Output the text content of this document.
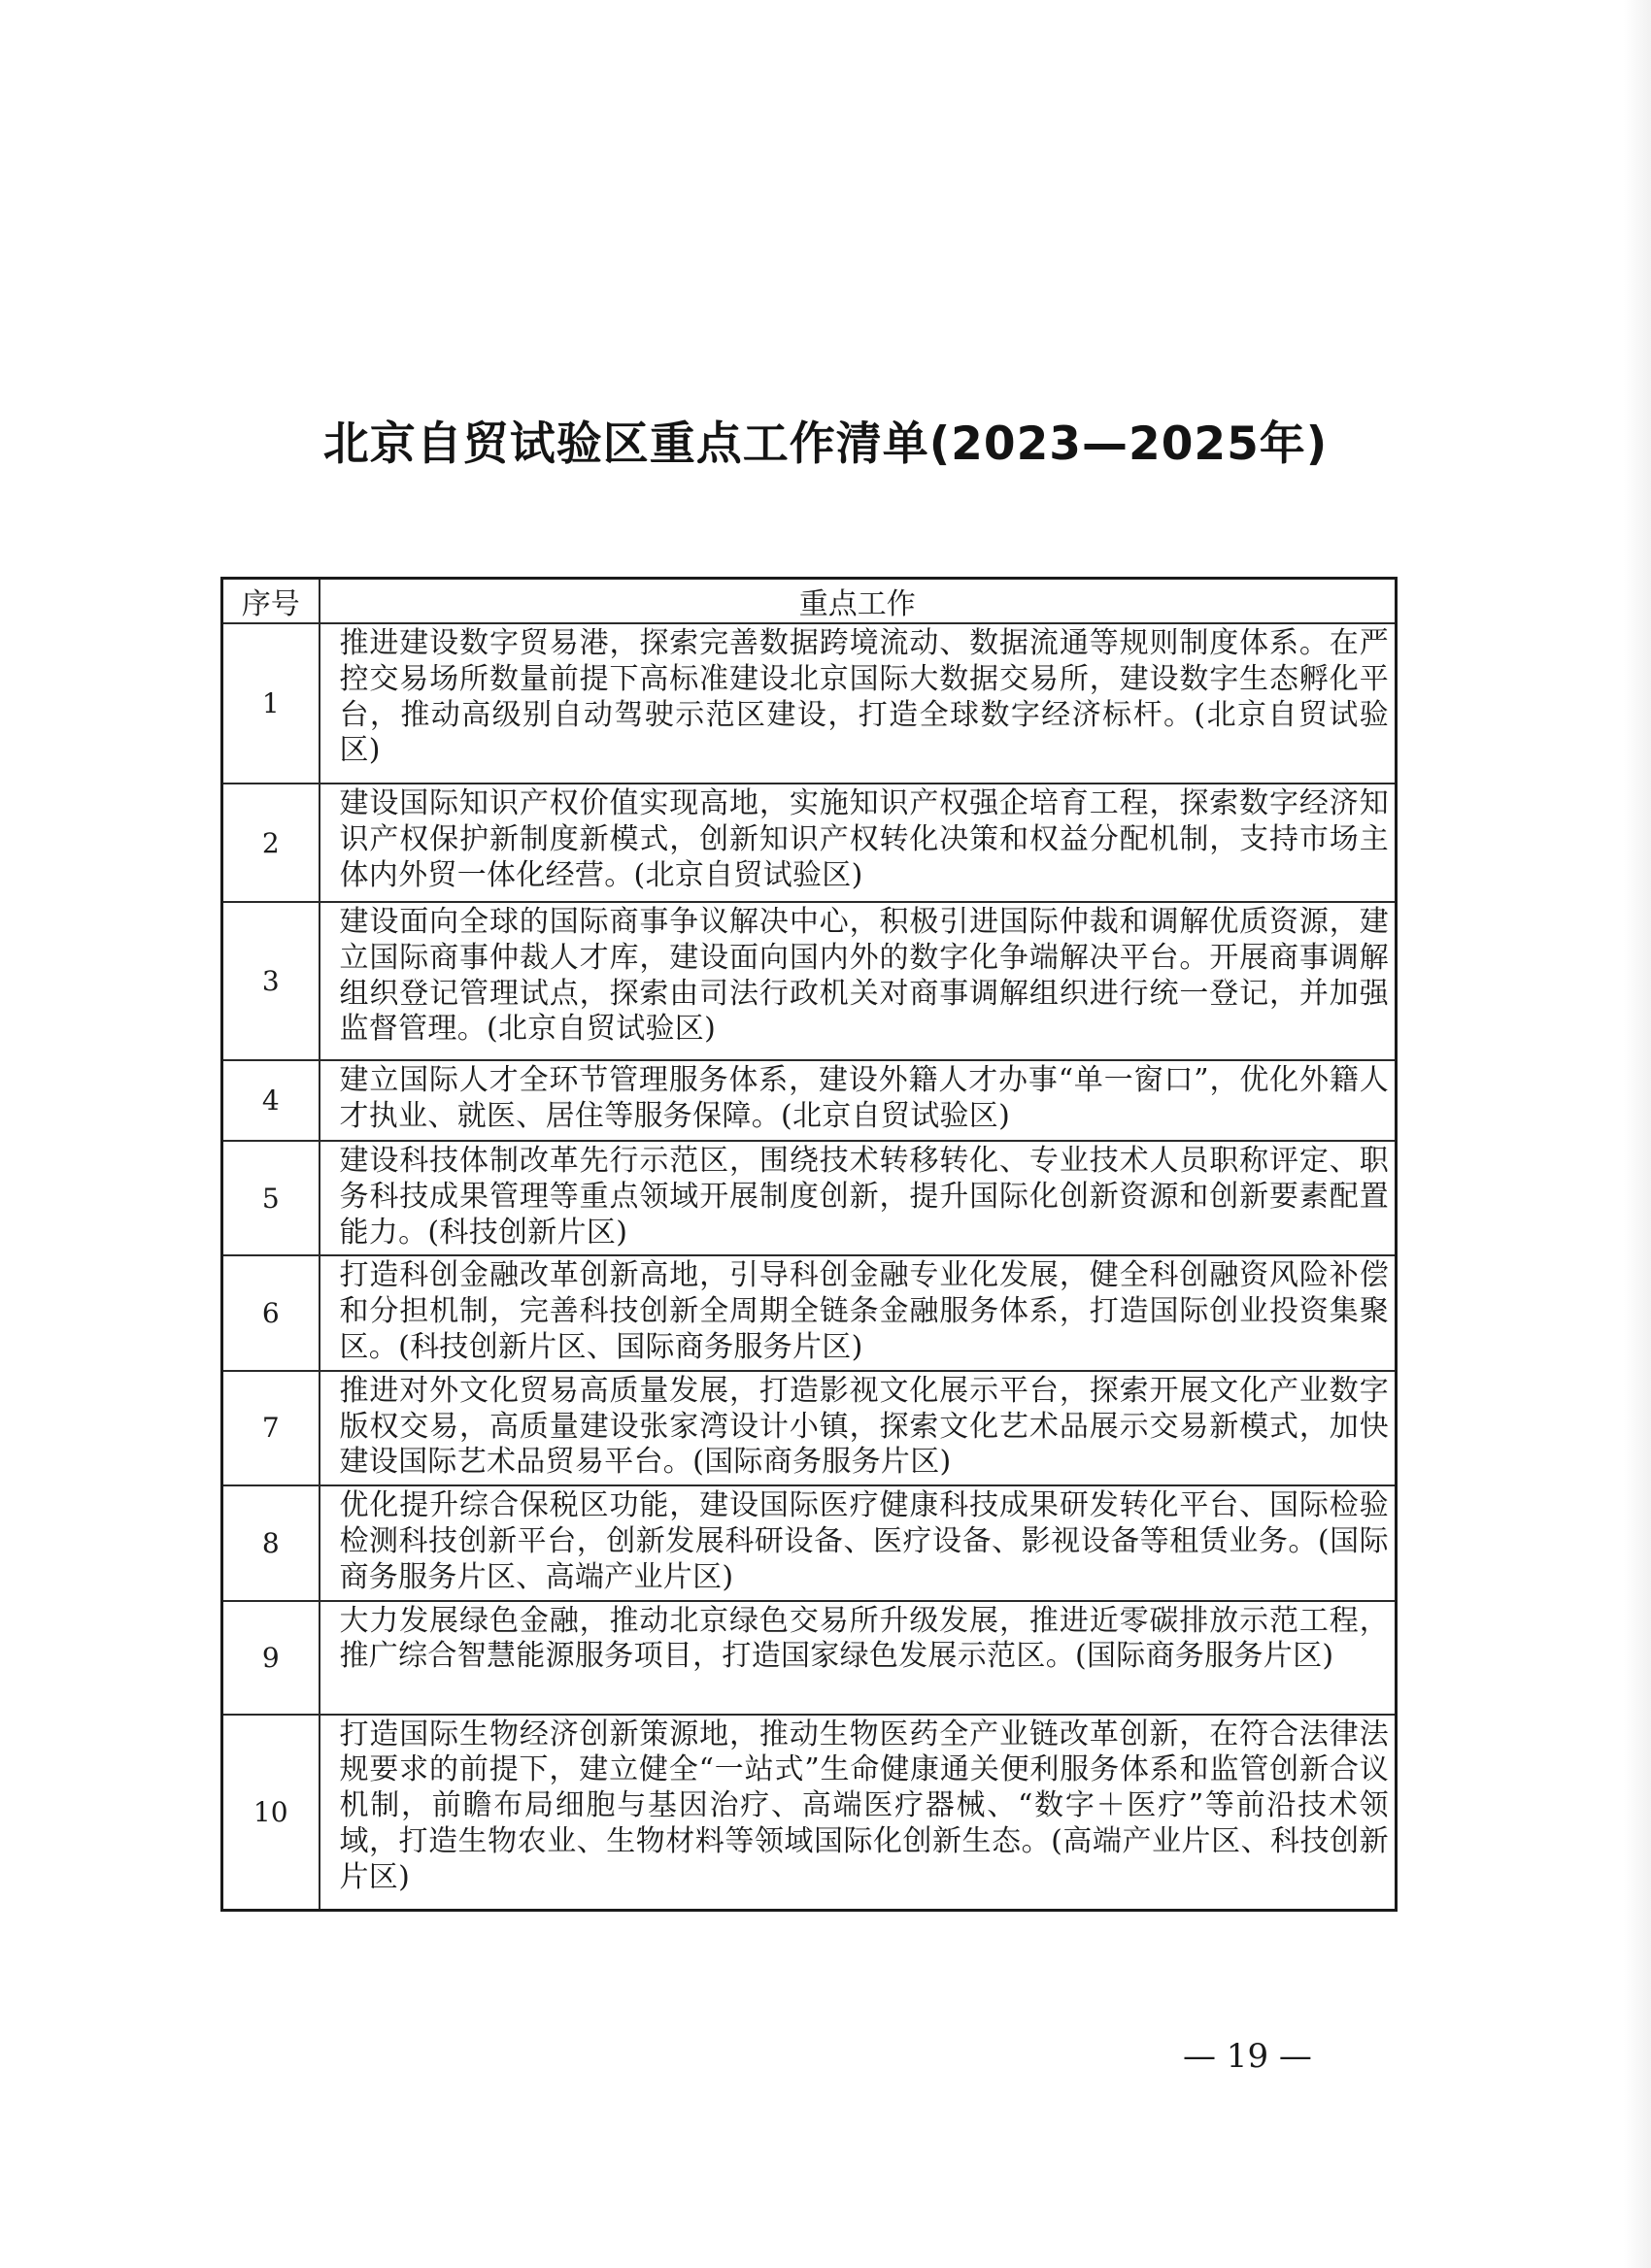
北京自贸试验区重点工作清单(2023—2025年)
序号	重点工作
1	推进建设数字贸易港，探索完善数据跨境流动、数据流通等规则制度体系。在严控交易场所数量前提下高标准建设北京国际大数据交易所，建设数字生态孵化平台，推动高级别自动驾驶示范区建设，打造全球数字经济标杆。(北京自贸试验区)

2	建设国际知识产权价值实现高地，实施知识产权强企培育工程，探索数字经济知识产权保护新制度新模式，创新知识产权转化决策和权益分配机制，支持市场主体内外贸一体化经营。(北京自贸试验区)

3	建设面向全球的国际商事争议解决中心，积极引进国际仲裁和调解优质资源，建立国际商事仲裁人才库，建设面向国内外的数字化争端解决平台。开展商事调解组织登记管理试点，探索由司法行政机关对商事调解组织进行统一登记，并加强监督管理。(北京自贸试验区)

4	建立国际人才全环节管理服务体系，建设外籍人才办事“单一窗口”，优化外籍人才执业、就医、居住等服务保障。(北京自贸试验区)

5	建设科技体制改革先行示范区，围绕技术转移转化、专业技术人员职称评定、职务科技成果管理等重点领域开展制度创新，提升国际化创新资源和创新要素配置能力。(科技创新片区)

6	打造科创金融改革创新高地，引导科创金融专业化发展，健全科创融资风险补偿和分担机制，完善科技创新全周期全链条金融服务体系，打造国际创业投资集聚区。(科技创新片区、国际商务服务片区)

7	推进对外文化贸易高质量发展，打造影视文化展示平台，探索开展文化产业数字版权交易，高质量建设张家湾设计小镇，探索文化艺术品展示交易新模式，加快建设国际艺术品贸易平台。(国际商务服务片区)

8	优化提升综合保税区功能，建设国际医疗健康科技成果研发转化平台、国际检验检测科技创新平台，创新发展科研设备、医疗设备、影视设备等租赁业务。(国际商务服务片区、高端产业片区)

9	大力发展绿色金融，推动北京绿色交易所升级发展，推进近零碳排放示范工程，推广综合智慧能源服务项目，打造国家绿色发展示范区。(国际商务服务片区)

10	打造国际生物经济创新策源地，推动生物医药全产业链改革创新，在符合法律法规要求的前提下，建立健全“一站式”生命健康通关便利服务体系和监管创新合议机制，前瞻布局细胞与基因治疗、高端医疗器械、“数字＋医疗”等前沿技术领域，打造生物农业、生物材料等领域国际化创新生态。(高端产业片区、科技创新片区)
— 19 —
